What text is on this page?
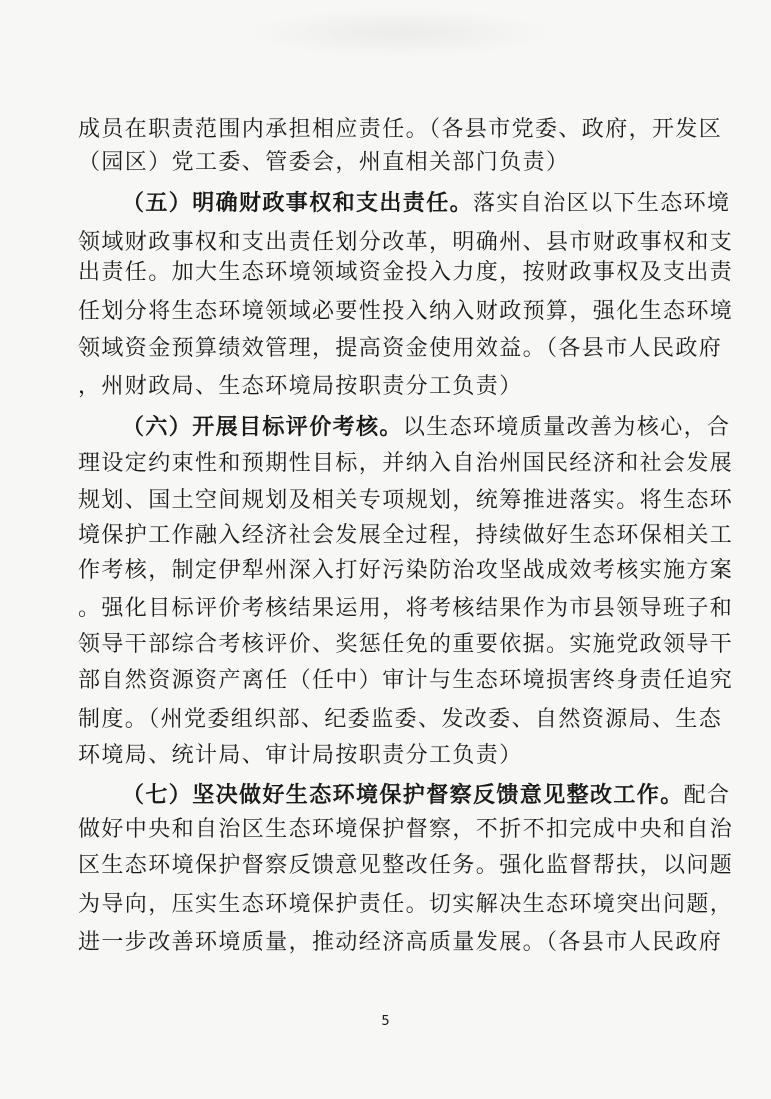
成员在职责范围内承担相应责任。（各县市党委、政府，开发区
（园区）党工委、管委会，州直相关部门负责）
（五）明确财政事权和支出责任。落实自治区以下生态环境
领域财政事权和支出责任划分改革，明确州、县市财政事权和支
出责任。加大生态环境领域资金投入力度，按财政事权及支出责
任划分将生态环境领域必要性投入纳入财政预算，强化生态环境
领域资金预算绩效管理，提高资金使用效益。（各县市人民政府
，州财政局、生态环境局按职责分工负责）
（六）开展目标评价考核。以生态环境质量改善为核心，合
理设定约束性和预期性目标，并纳入自治州国民经济和社会发展
规划、国土空间规划及相关专项规划，统筹推进落实。将生态环
境保护工作融入经济社会发展全过程，持续做好生态环保相关工
作考核，制定伊犁州深入打好污染防治攻坚战成效考核实施方案
。强化目标评价考核结果运用，将考核结果作为市县领导班子和
领导干部综合考核评价、奖惩任免的重要依据。实施党政领导干
部自然资源资产离任（任中）审计与生态环境损害终身责任追究
制度。（州党委组织部、纪委监委、发改委、自然资源局、生态
环境局、统计局、审计局按职责分工负责）
（七）坚决做好生态环境保护督察反馈意见整改工作。配合
做好中央和自治区生态环境保护督察，不折不扣完成中央和自治
区生态环境保护督察反馈意见整改任务。强化监督帮扶，以问题
为导向，压实生态环境保护责任。切实解决生态环境突出问题，
进一步改善环境质量，推动经济高质量发展。（各县市人民政府
5
